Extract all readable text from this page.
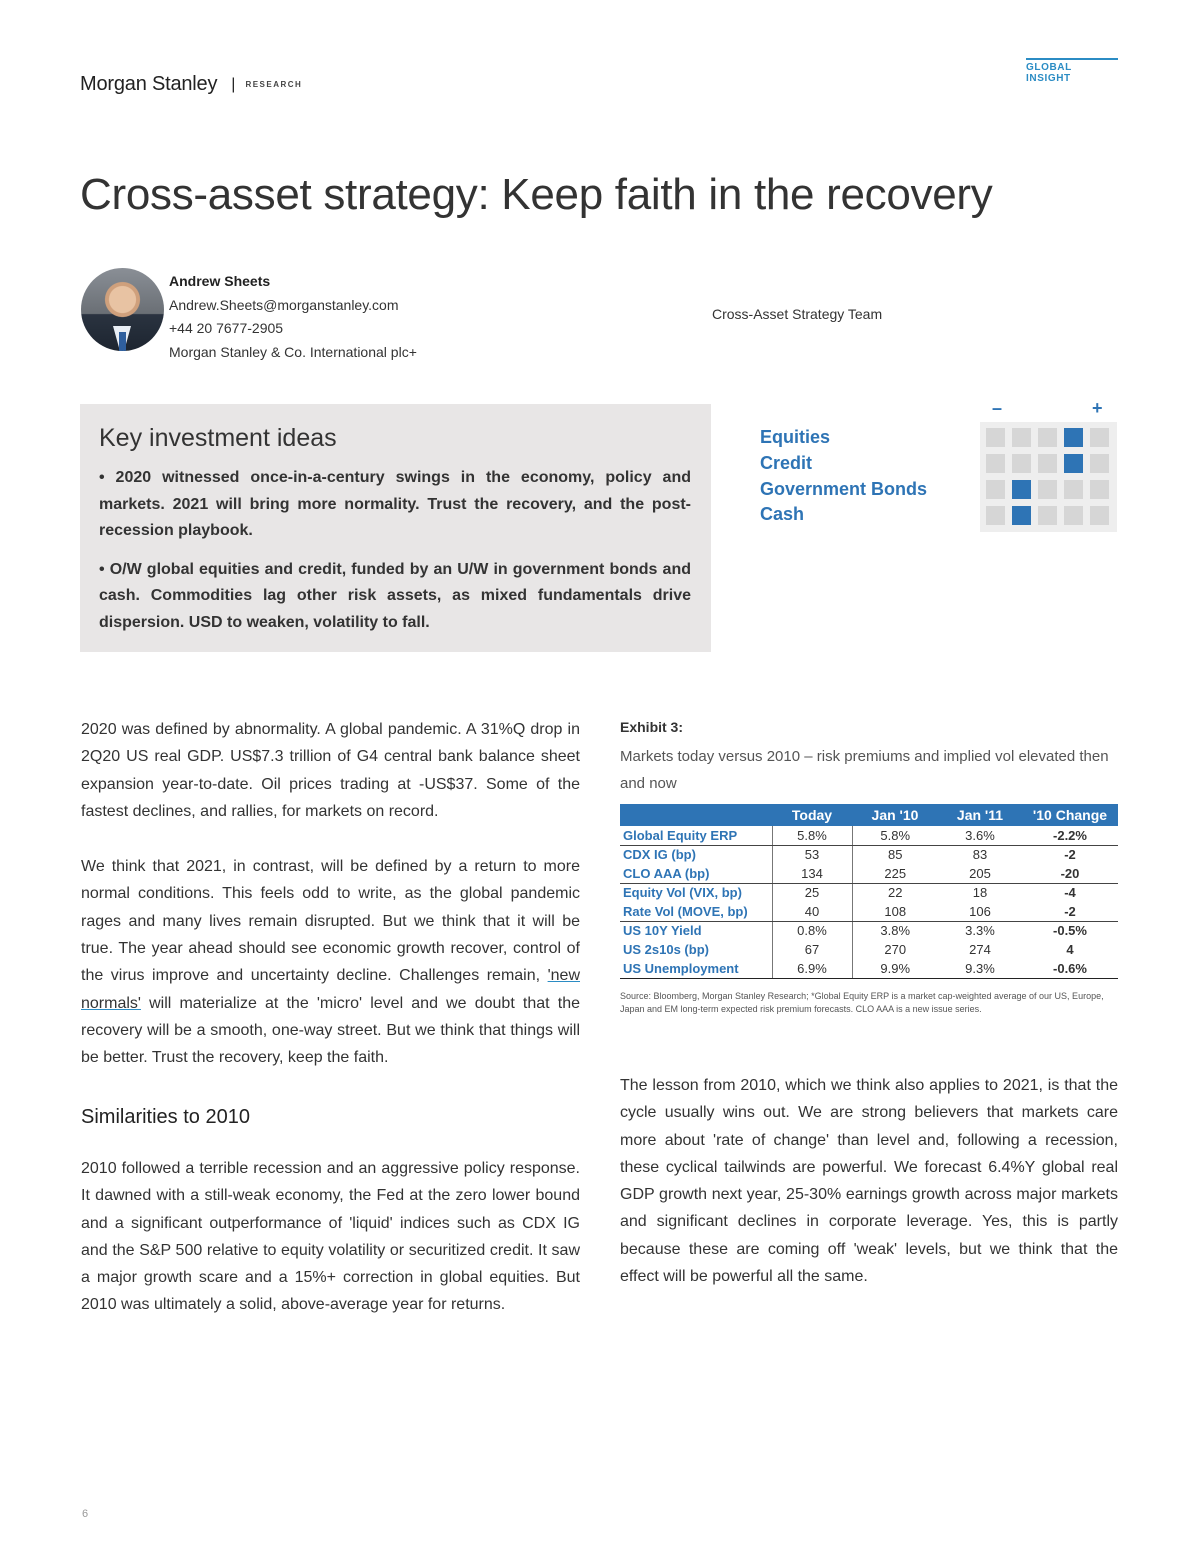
Morgan Stanley | RESEARCH
GLOBAL INSIGHT
Cross-asset strategy: Keep faith in the recovery
Andrew Sheets
Andrew.Sheets@morganstanley.com
+44 20 7677-2905
Morgan Stanley & Co. International plc+
Cross-Asset Strategy Team
Key investment ideas

• 2020 witnessed once-in-a-century swings in the economy, policy and markets. 2021 will bring more normality. Trust the recovery, and the post-recession playbook.

• O/W global equities and credit, funded by an U/W in government bonds and cash. Commodities lag other risk assets, as mixed fundamentals drive dispersion. USD to weaken, volatility to fall.

Equities
Credit
Government Bonds
Cash
–	+

2020 was defined by abnormality. A global pandemic. A 31%Q drop in 2Q20 US real GDP. US$7.3 trillion of G4 central bank balance sheet expansion year-to-date. Oil prices trading at -US$37. Some of the fastest declines, and rallies, for markets on record.

We think that 2021, in contrast, will be defined by a return to more normal conditions. This feels odd to write, as the global pandemic rages and many lives remain disrupted. But we think that it will be true. The year ahead should see economic growth recover, control of the virus improve and uncertainty decline. Challenges remain, 'new normals' will materialize at the 'micro' level and we doubt that the recovery will be a smooth, one-way street. But we think that things will be better. Trust the recovery, keep the faith.

Similarities to 2010

2010 followed a terrible recession and an aggressive policy response. It dawned with a still-weak economy, the Fed at the zero lower bound and a significant outperformance of 'liquid' indices such as CDX IG and the S&P 500 relative to equity volatility or securitized credit. It saw a major growth scare and a 15%+ correction in global equities. But 2010 was ultimately a solid, above-average year for returns.

Exhibit 3:
Markets today versus 2010 – risk premiums and implied vol elevated then and now
	Today	Jan '10	Jan '11	'10 Change
Global Equity ERP	5.8%	5.8%	3.6%	-2.2%
CDX IG (bp)	53	85	83	-2
CLO AAA (bp)	134	225	205	-20
Equity Vol (VIX, bp)	25	22	18	-4
Rate Vol (MOVE, bp)	40	108	106	-2
US 10Y Yield	0.8%	3.8%	3.3%	-0.5%
US 2s10s (bp)	67	270	274	4
US Unemployment	6.9%	9.9%	9.3%	-0.6%
Source: Bloomberg, Morgan Stanley Research; *Global Equity ERP is a market cap-weighted average of our US, Europe, Japan and EM long-term expected risk premium forecasts. CLO AAA is a new issue series.

The lesson from 2010, which we think also applies to 2021, is that the cycle usually wins out. We are strong believers that markets care more about 'rate of change' than level and, following a recession, these cyclical tailwinds are powerful. We forecast 6.4%Y global real GDP growth next year, 25-30% earnings growth across major markets and significant declines in corporate leverage. Yes, this is partly because these are coming off 'weak' levels, but we think that the effect will be powerful all the same.

6
